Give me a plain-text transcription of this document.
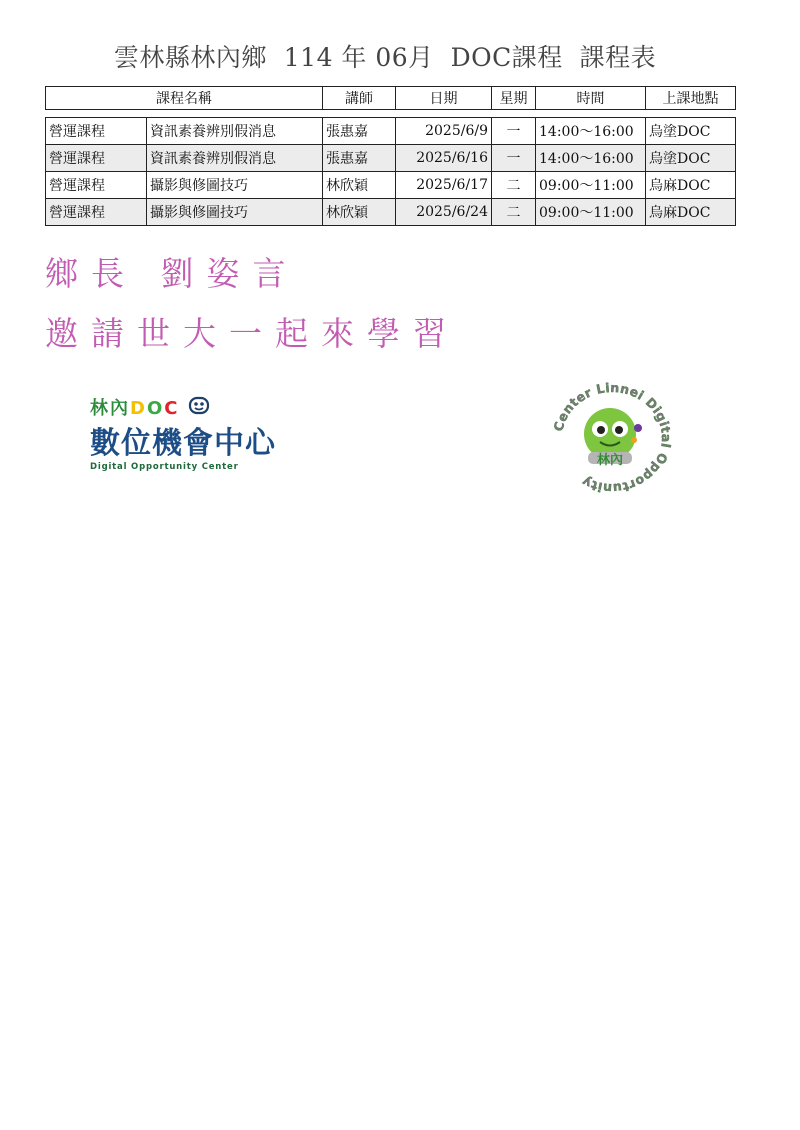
雲林縣林內鄉  114 年 06月  DOC課程  課程表
課程名稱		講師	日期	星期	時間	上課地點

營運課程	資訊素養辨別假消息	張惠嘉	2025/6/9	一	14:00～16:00	烏塗DOC
營運課程	資訊素養辨別假消息	張惠嘉	2025/6/16	一	14:00～16:00	烏塗DOC
營運課程	攝影與修圖技巧	林欣穎	2025/6/17	二	09:00～11:00	烏麻DOC
營運課程	攝影與修圖技巧	林欣穎	2025/6/24	二	09:00～11:00	烏麻DOC
鄉長 劉姿言
邀請世大一起來學習
林內DOC
數位機會中心
Digital Opportunity Center
Center Linnei Digital Opportunity
林內
